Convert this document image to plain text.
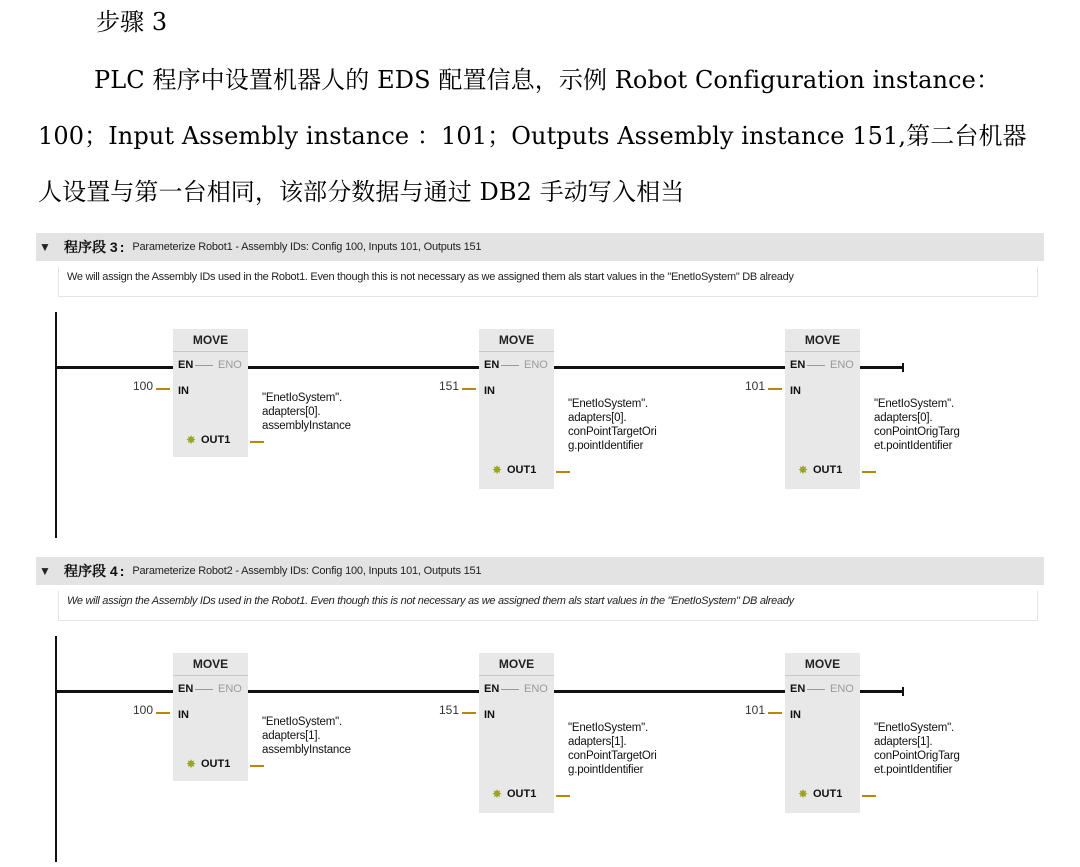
步骤 3
PLC 程序中设置机器人的 EDS 配置信息，示例 Robot Configuration instance：
100；Input Assembly instance ：101；Outputs Assembly instance 151,第二台机器
人设置与第一台相同，该部分数据与通过 DB2 手动写入相当
▼ 程序段 3 : Parameterize Robot1 - Assembly IDs: Config 100, Inputs 101, Outputs 151
We will assign the Assembly IDs used in the Robot1. Even though this is not necessary as we assigned them als start values in the "EnetIoSystem" DB already
MOVE
EN ENO
IN
✸ OUT1
100
"EnetIoSystem".
adapters[0].
assemblyInstance
MOVE
EN ENO
IN
✸ OUT1
151
"EnetIoSystem".
adapters[0].
conPointTargetOri
g.pointIdentifier
MOVE
EN ENO
IN
✸ OUT1
101
"EnetIoSystem".
adapters[0].
conPointOrigTarg
et.pointIdentifier
▼ 程序段 4 : Parameterize Robot2 - Assembly IDs: Config 100, Inputs 101, Outputs 151
We will assign the Assembly IDs used in the Robot1. Even though this is not necessary as we assigned them als start values in the "EnetIoSystem" DB already
MOVE
EN ENO
IN
✸ OUT1
100
"EnetIoSystem".
adapters[1].
assemblyInstance
MOVE
EN ENO
IN
✸ OUT1
151
"EnetIoSystem".
adapters[1].
conPointTargetOri
g.pointIdentifier
MOVE
EN ENO
IN
✸ OUT1
101
"EnetIoSystem".
adapters[1].
conPointOrigTarg
et.pointIdentifier
